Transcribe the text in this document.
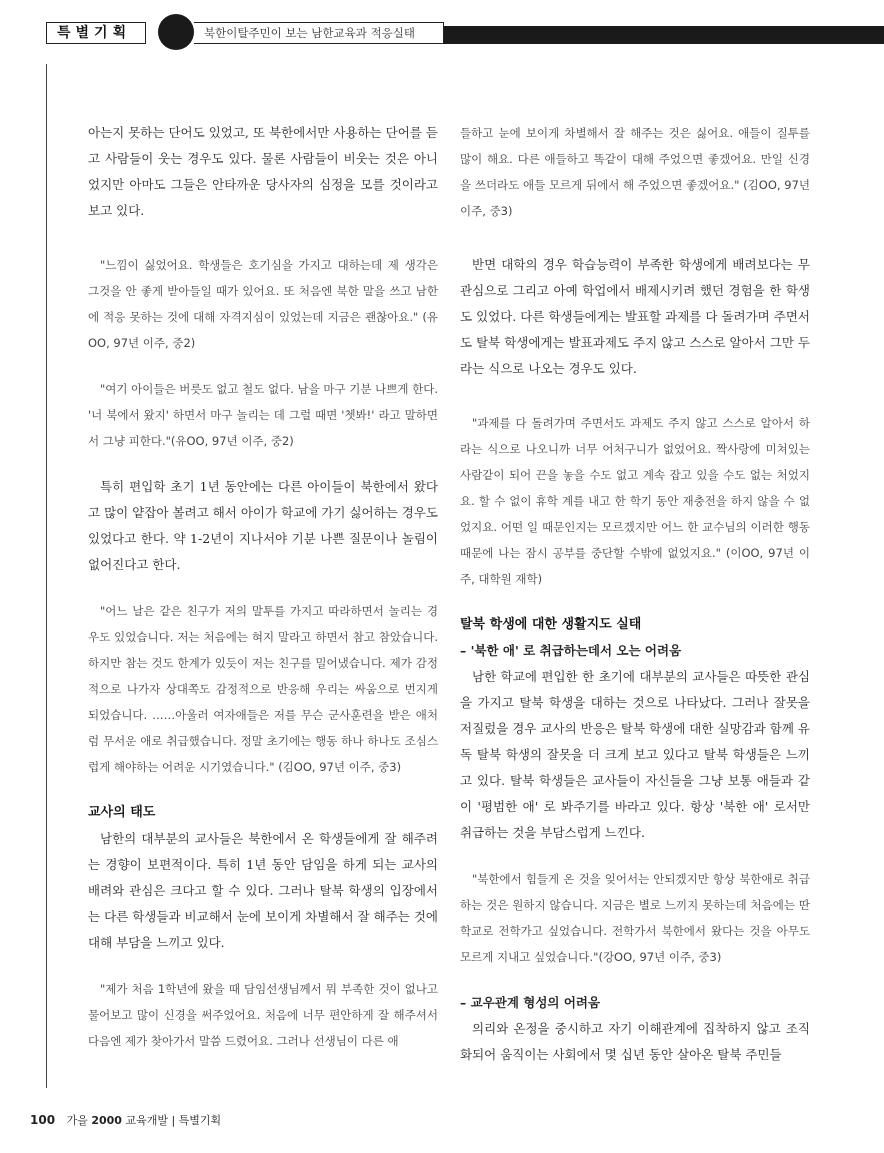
특별기획	북한이탈주민이 보는 남한교육과 적응실태

아는지 못하는 단어도 있었고, 또 북한에서만 사용하는 단어를 듣고 사람들이 웃는 경우도 있다. 물론 사람들이 비웃는 것은 아니었지만 아마도 그들은 안타까운 당사자의 심정을 모를 것이라고 보고 있다.

"느낌이 싫었어요. 학생들은 호기심을 가지고 대하는데 제 생각은 그것을 안 좋게 받아들일 때가 있어요. 또 처음엔 북한 말을 쓰고 남한에 적응 못하는 것에 대해 자격지심이 있었는데 지금은 괜찮아요." (유OO, 97년 이주, 중2)

"여기 아이들은 버릇도 없고 철도 없다. 남을 마구 기분 나쁘게 한다. '너 북에서 왔지' 하면서 마구 놀리는 데 그럴 때면 '쳇봐!' 라고 말하면서 그냥 피한다."(유OO, 97년 이주, 중2)

특히 편입학 초기 1년 동안에는 다른 아이들이 북한에서 왔다고 많이 얕잡아 볼려고 해서 아이가 학교에 가기 싫어하는 경우도 있었다고 한다. 약 1-2년이 지나서야 기분 나쁜 질문이나 놀림이 없어진다고 한다.

"어느 날은 같은 친구가 저의 말투를 가지고 따라하면서 놀리는 경우도 있었습니다. 저는 처음에는 혀지 말라고 하면서 참고 참았습니다. 하지만 참는 것도 한계가 있듯이 저는 친구를 밀어냈습니다. 제가 감정적으로 나가자 상대쪽도 감정적으로 반응해 우리는 싸움으로 번지게 되었습니다. ……아울러 여자애들은 저를 무슨 군사훈련을 받은 애처럼 무서운 애로 취급했습니다. 정말 초기에는 행동 하나 하나도 조심스럽게 해야하는 어려운 시기였습니다." (김OO, 97년 이주, 중3)

교사의 태도

남한의 대부분의 교사들은 북한에서 온 학생들에게 잘 해주려는 경향이 보편적이다. 특히 1년 동안 담임을 하게 되는 교사의 배려와 관심은 크다고 할 수 있다. 그러나 탈북 학생의 입장에서는 다른 학생들과 비교해서 눈에 보이게 차별해서 잘 해주는 것에 대해 부담을 느끼고 있다.

"제가 처음 1학년에 왔을 때 담임선생님께서 뭐 부족한 것이 없나고 물어보고 많이 신경을 써주었어요. 처음에 너무 편안하게 잘 해주셔서 다음엔 제가 찾아가서 말씀 드렸어요. 그러나 선생님이 다른 애

들하고 눈에 보이게 차별해서 잘 해주는 것은 싫어요. 애들이 질투를 많이 해요. 다른 애들하고 똑같이 대해 주었으면 좋겠어요. 만일 신경을 쓰더라도 애들 모르게 뒤에서 해 주었으면 좋겠어요." (김OO, 97년 이주, 중3)

반면 대학의 경우 학습능력이 부족한 학생에게 배려보다는 무관심으로 그리고 아예 학업에서 배제시키려 했던 경험을 한 학생도 있었다. 다른 학생들에게는 발표할 과제를 다 돌려가며 주면서도 탈북 학생에게는 발표과제도 주지 않고 스스로 알아서 그만 두라는 식으로 나오는 경우도 있다.

"과제를 다 돌려가며 주면서도 과제도 주지 않고 스스로 알아서 하라는 식으로 나오니까 너무 어처구니가 없었어요. 짝사랑에 미쳐있는 사람같이 되어 끈을 놓을 수도 없고 계속 잡고 있을 수도 없는 처었지요. 할 수 없이 휴학 계를 내고 한 학기 동안 재충전을 하지 않을 수 없었지요. 어떤 일 때문인지는 모르겠지만 어느 한 교수님의 이러한 행동 때문에 나는 잠시 공부를 중단할 수밖에 없었지요." (이OO, 97년 이주, 대학원 재학)

탈북 학생에 대한 생활지도 실태

– '북한 애' 로 취급하는데서 오는 어려움

남한 학교에 편입한 한 초기에 대부분의 교사들은 따뜻한 관심을 가지고 탈북 학생을 대하는 것으로 나타났다. 그러나 잘못을 저질렀을 경우 교사의 반응은 탈북 학생에 대한 실망감과 함께 유독 탈북 학생의 잘못을 더 크게 보고 있다고 탈북 학생들은 느끼고 있다. 탈북 학생들은 교사들이 자신들을 그냥 보통 애들과 같이 '평범한 애' 로 봐주기를 바라고 있다. 항상 '북한 애' 로서만 취급하는 것을 부담스럽게 느낀다.

"북한에서 힘들게 온 것을 잊어서는 안되겠지만 항상 북한애로 취급하는 것은 원하지 않습니다. 지금은 별로 느끼지 못하는데 처음에는 딴 학교로 전학가고 싶었습니다. 전학가서 북한에서 왔다는 것을 아무도 모르게 지내고 싶었습니다."(강OO, 97년 이주, 중3)

– 교우관계 형성의 어려움

의리와 온정을 중시하고 자기 이해관계에 집착하지 않고 조직화되어 움직이는 사회에서 몇 십년 동안 살아온 탈북 주민들

100 가을 2000 교육개발 | 특별기획
